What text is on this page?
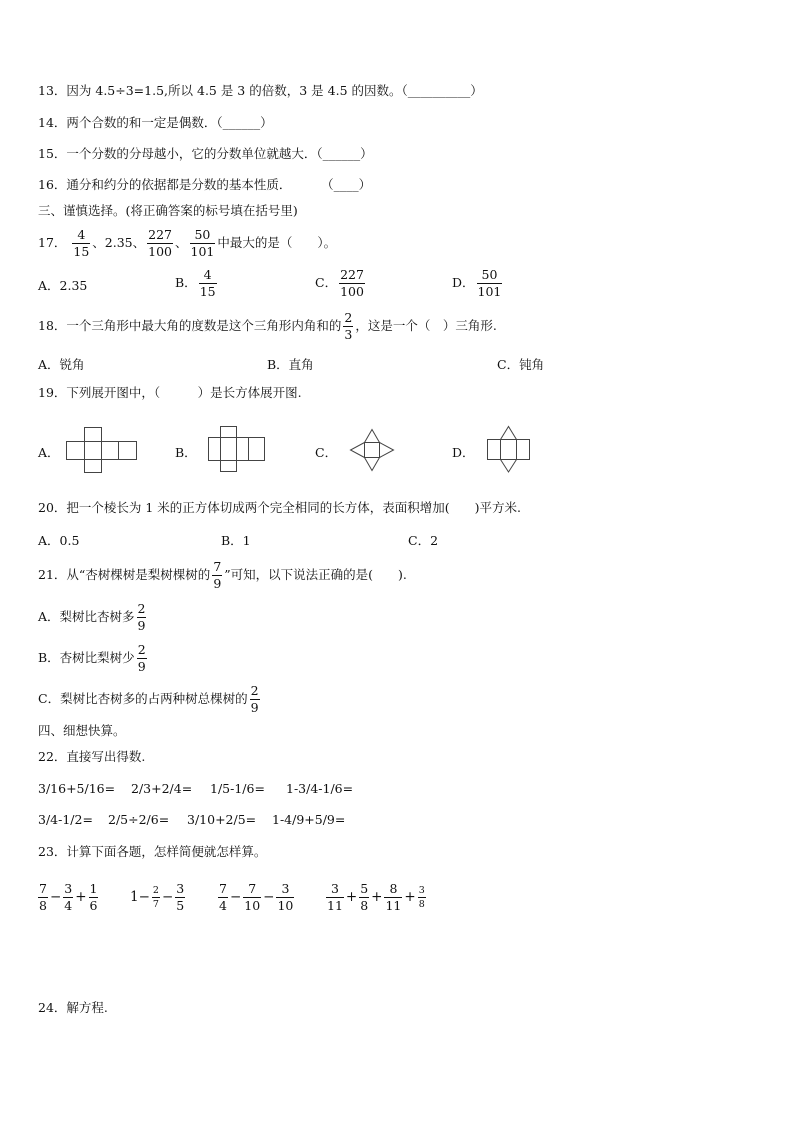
13．因为 4.5÷3=1.5,所以 4.5 是 3 的倍数，3 是 4.5 的因数。（__________）
14．两个合数的和一定是偶数．（______）
15．一个分数的分母越小，它的分数单位就越大．（______）
16．通分和约分的依据都是分数的基本性质．	（____）
三、谨慎选择。(将正确答案的标号填在括号里)
17． $\frac{4}{15}$ 、2.35、 $\frac{227}{100}$ 、 $\frac{50}{101}$ 中最大的是（　　）。
A．2.35	B． $\frac{4}{15}$	C． $\frac{227}{100}$	D． $\frac{50}{101}$
18．一个三角形中最大角的度数是这个三角形内角和的 $\frac{2}{3}$ ，这是一个（　）三角形.
A．锐角	B．直角	C．钝角
19．下列展开图中，（　　　）是长方体展开图.
A．	B．	C．	D．
20．把一个棱长为 1 米的正方体切成两个完全相同的长方体，表面积增加(　　)平方米.
A．0.5	B．1	C．2
21．从“杏树棵树是梨树棵树的 $\frac{7}{9}$ ”可知，以下说法正确的是(　　).
A．梨树比杏树多 $\frac{2}{9}$
B．杏树比梨树少 $\frac{2}{9}$
C．梨树比杏树多的占两种树总棵树的 $\frac{2}{9}$
四、细想快算。
22．直接写出得数.
3/16+5/16= 2/3+2/4= 1/5-1/6= 1-3/4-1/6=
3/4-1/2= 2/5÷2/6= 3/10+2/5= 1-4/9+5/9=
23．计算下面各题，怎样简便就怎样算。
$\frac{7}{8} - \frac{3}{4} + \frac{1}{6} 1- \frac{2}{7} - \frac{3}{5}$	$\frac{7}{4} - \frac{7}{10} - \frac{3}{10}$	$\frac{3}{11} + \frac{5}{8} + \frac{8}{11} + \frac{3}{8}$
24．解方程.
